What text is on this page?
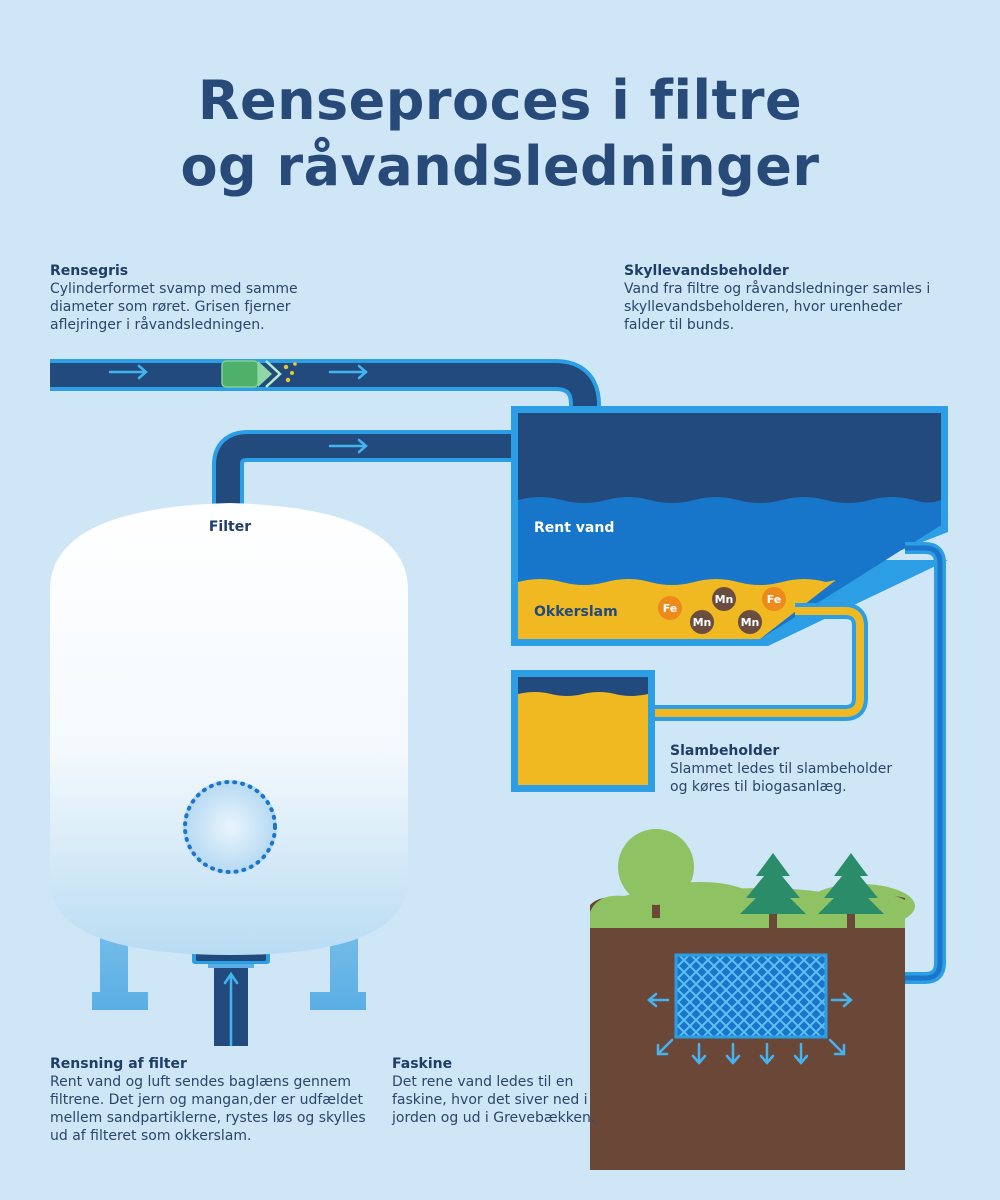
Fe
Mn	Fe
Mn	Mn
Filter	Rent vand
Okkerslam
Renseproces i filtre
og råvandsledninger
Rensegris
Cylinderformet svamp med samme
diameter som røret. Grisen fjerner
aflejringer i råvandsledningen.
Skyllevandsbeholder
Vand fra filtre og råvandsledninger samles i
skyllevandsbeholderen, hvor urenheder
falder til bunds.
Slambeholder
Slammet ledes til slambeholder
og køres til biogasanlæg.
Rensning af filter
Rent vand og luft sendes baglæns gennem
filtrene. Det jern og mangan,der er udfældet
mellem sandpartiklerne, rystes løs og skylles
ud af filteret som okkerslam.
Faskine
Det rene vand ledes til en
faskine, hvor det siver ned i
jorden og ud i Grevebækken.
